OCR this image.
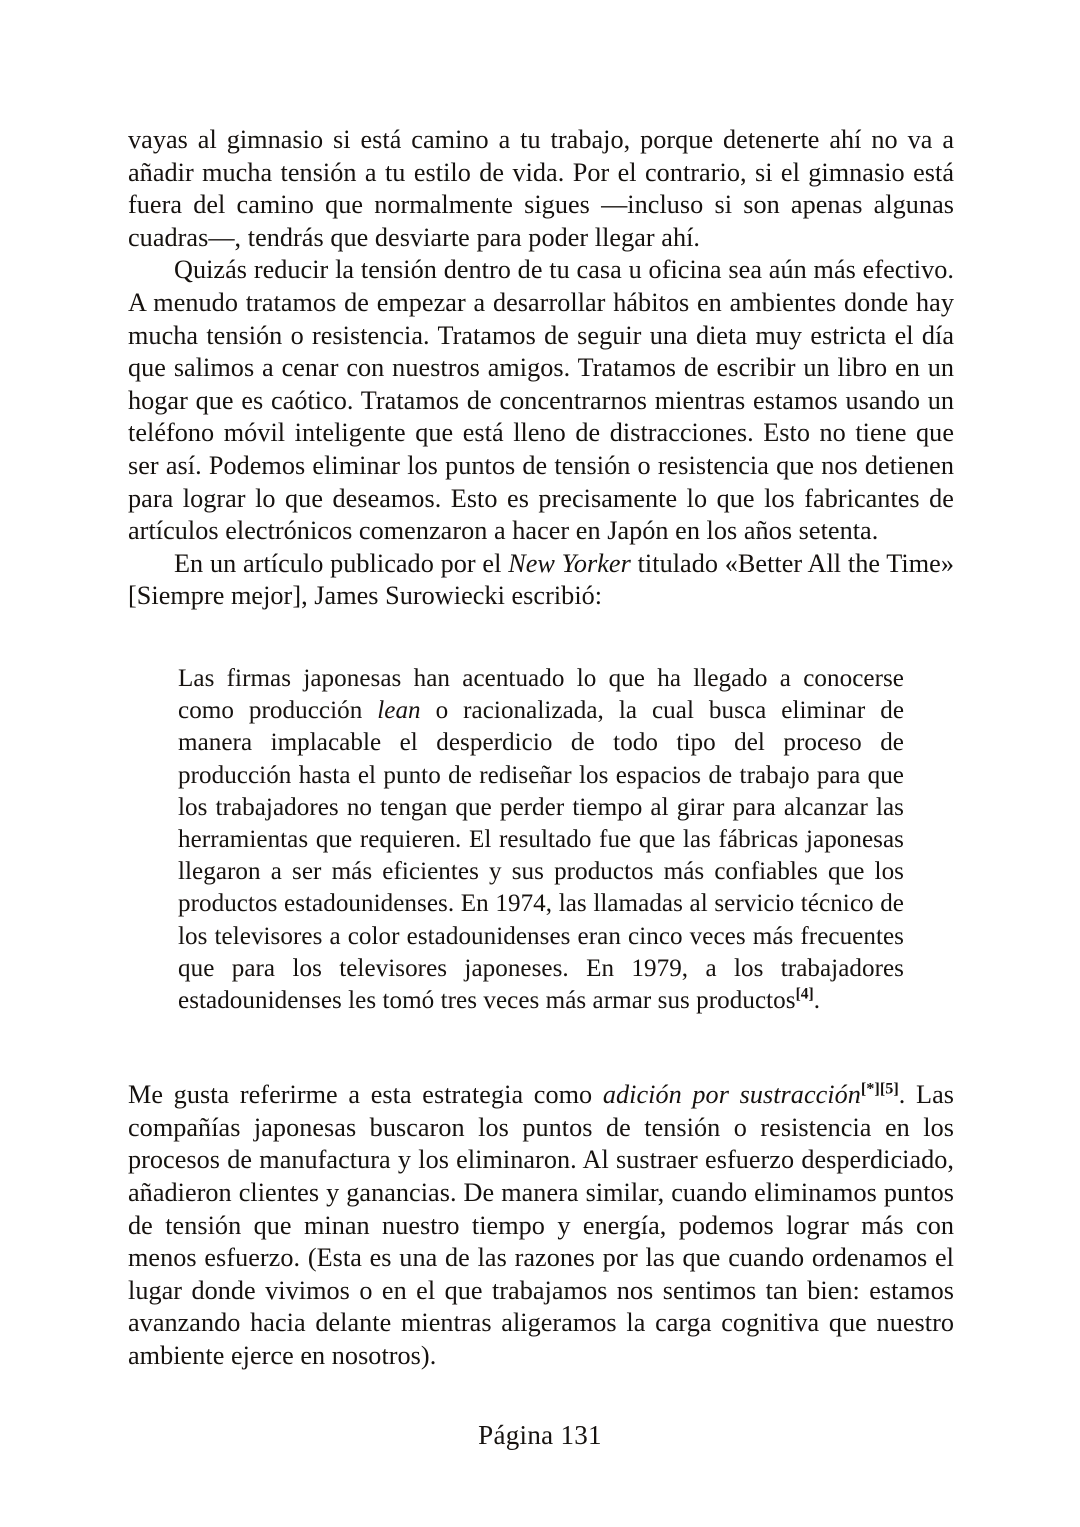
vayas al gimnasio si está camino a tu trabajo, porque detenerte ahí no va a añadir mucha tensión a tu estilo de vida. Por el contrario, si el gimnasio está fuera del camino que normalmente sigues —incluso si son apenas algunas cuadras—, tendrás que desviarte para poder llegar ahí.

Quizás reducir la tensión dentro de tu casa u oficina sea aún más efectivo. A menudo tratamos de empezar a desarrollar hábitos en ambientes donde hay mucha tensión o resistencia. Tratamos de seguir una dieta muy estricta el día que salimos a cenar con nuestros amigos. Tratamos de escribir un libro en un hogar que es caótico. Tratamos de concentrarnos mientras estamos usando un teléfono móvil inteligente que está lleno de distracciones. Esto no tiene que ser así. Podemos eliminar los puntos de tensión o resistencia que nos detienen para lograr lo que deseamos. Esto es precisamente lo que los fabricantes de artículos electrónicos comenzaron a hacer en Japón en los años setenta.

En un artículo publicado por el New Yorker titulado «Better All the Time» [Siempre mejor], James Surowiecki escribió:

Las firmas japonesas han acentuado lo que ha llegado a conocerse como producción lean o racionalizada, la cual busca eliminar de manera implacable el desperdicio de todo tipo del proceso de producción hasta el punto de rediseñar los espacios de trabajo para que los trabajadores no tengan que perder tiempo al girar para alcanzar las herramientas que requieren. El resultado fue que las fábricas japonesas llegaron a ser más eficientes y sus productos más confiables que los productos estadounidenses. En 1974, las llamadas al servicio técnico de los televisores a color estadounidenses eran cinco veces más frecuentes que para los televisores japoneses. En 1979, a los trabajadores estadounidenses les tomó tres veces más armar sus productos[4].

Me gusta referirme a esta estrategia como adición por sustracción[*][5]. Las compañías japonesas buscaron los puntos de tensión o resistencia en los procesos de manufactura y los eliminaron. Al sustraer esfuerzo desperdiciado, añadieron clientes y ganancias. De manera similar, cuando eliminamos puntos de tensión que minan nuestro tiempo y energía, podemos lograr más con menos esfuerzo. (Esta es una de las razones por las que cuando ordenamos el lugar donde vivimos o en el que trabajamos nos sentimos tan bien: estamos avanzando hacia delante mientras aligeramos la carga cognitiva que nuestro ambiente ejerce en nosotros).

Página 131
